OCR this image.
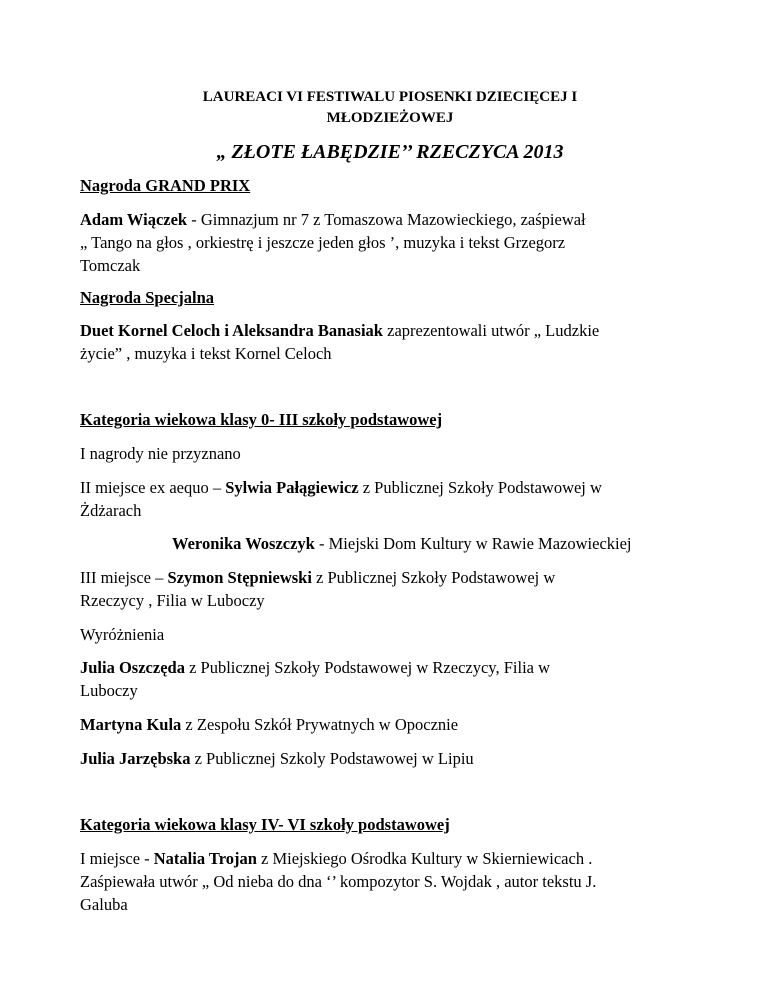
LAUREACI VI FESTIWALU PIOSENKI DZIECIĘCEJ I
MŁODZIEŻOWEJ
„ ZŁOTE ŁABĘDZIE’’ RZECZYCA 2013
Nagroda GRAND PRIX
Adam Wiączek - Gimnazjum nr 7 z Tomaszowa Mazowieckiego, zaśpiewał
„ Tango na głos , orkiestrę i jeszcze jeden głos ’, muzyka i tekst Grzegorz
Tomczak
Nagroda Specjalna
Duet Kornel Celoch i Aleksandra Banasiak zaprezentowali utwór „ Ludzkie
życie” , muzyka i tekst Kornel Celoch
Kategoria wiekowa klasy 0- III szkoły podstawowej
I nagrody nie przyznano
II miejsce ex aequo – Sylwia Pałągiewicz z Publicznej Szkoły Podstawowej w
Żdżarach
Weronika Woszczyk - Miejski Dom Kultury w Rawie Mazowieckiej
III miejsce – Szymon Stępniewski z Publicznej Szkoły Podstawowej w
Rzeczycy , Filia w Luboczy
Wyróżnienia
Julia Oszczęda z Publicznej Szkoły Podstawowej w Rzeczycy, Filia w
Luboczy
Martyna Kula z Zespołu Szkół Prywatnych w Opocznie
Julia Jarzębska z Publicznej Szkoly Podstawowej w Lipiu
Kategoria wiekowa klasy IV- VI szkoły podstawowej
I miejsce - Natalia Trojan z Miejskiego Ośrodka Kultury w Skierniewicach .
Zaśpiewała utwór „ Od nieba do dna ‘’ kompozytor S. Wojdak , autor tekstu J.
Galuba
